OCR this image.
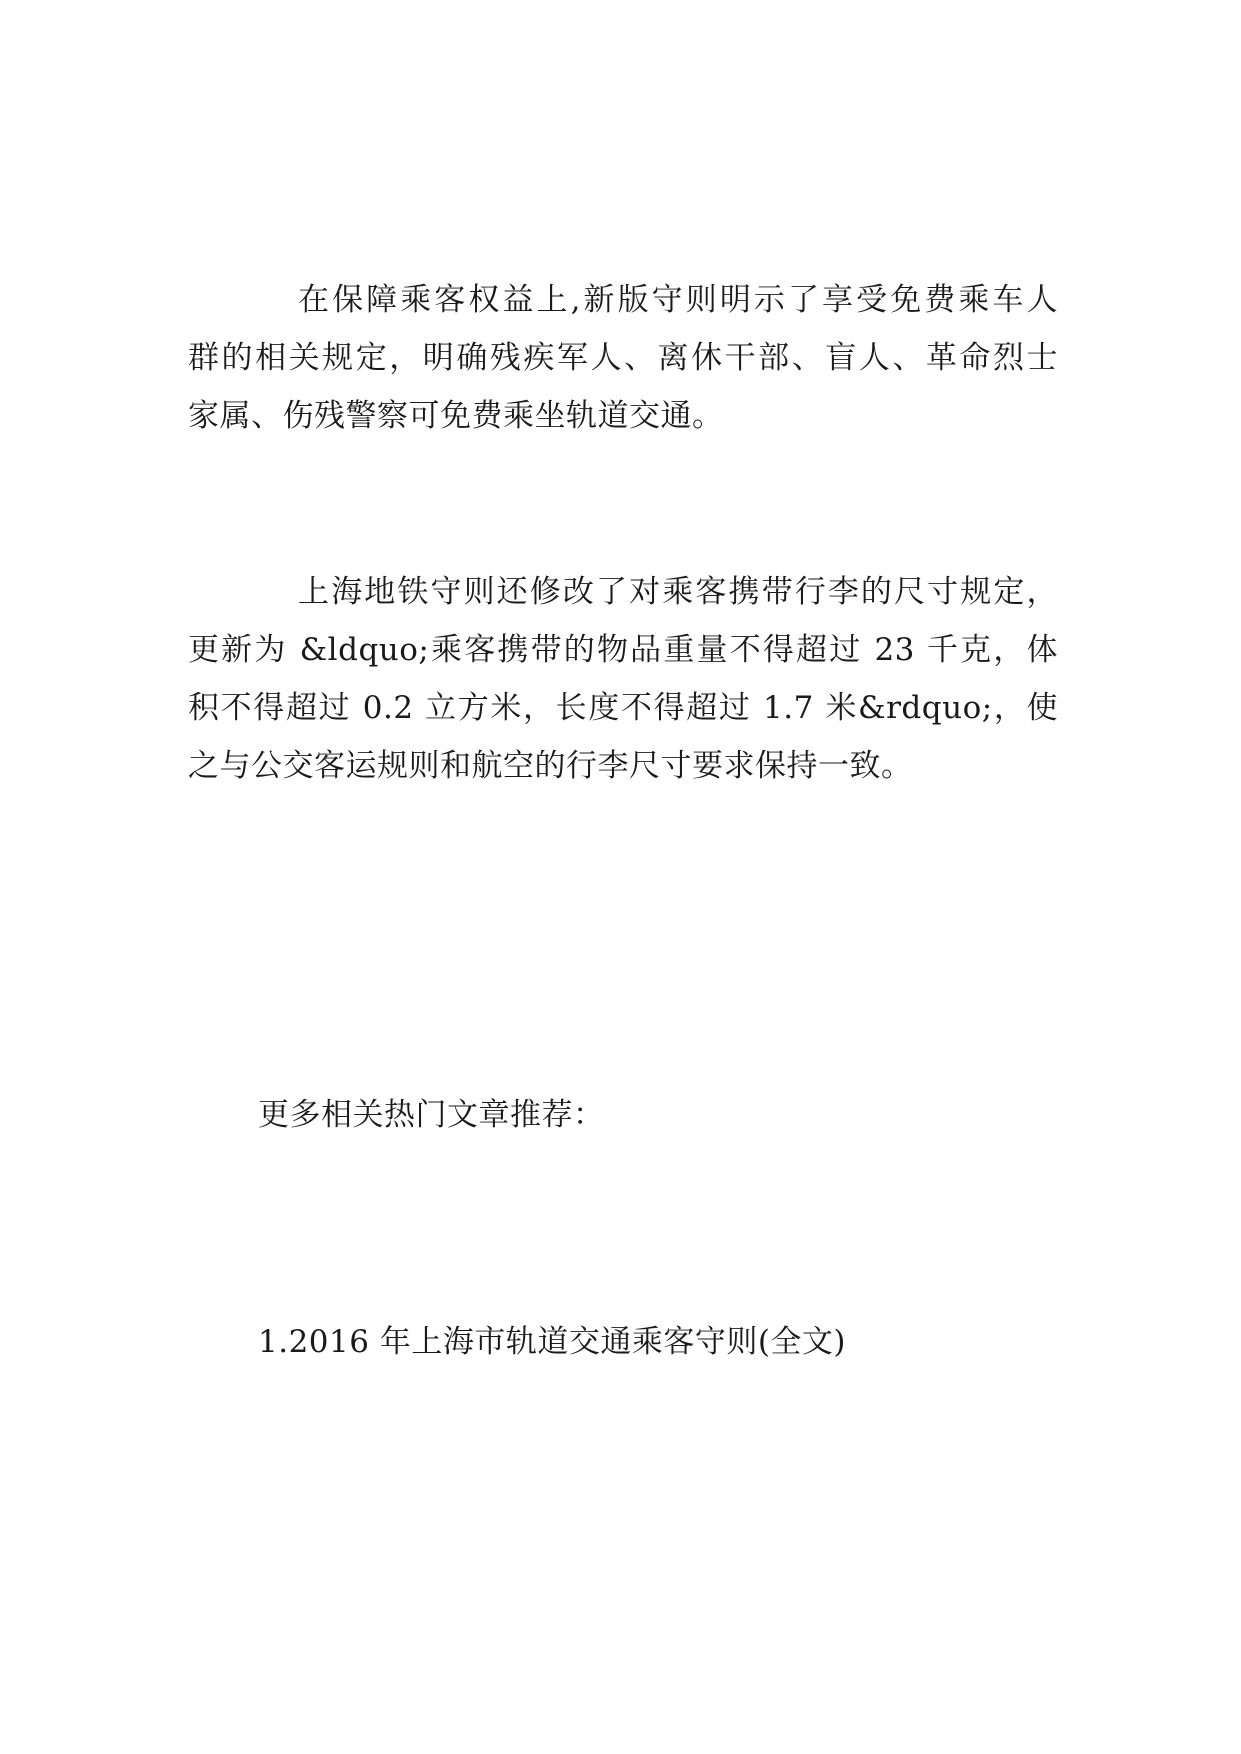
在保障乘客权益上,新版守则明示了享受免费乘车人
群的相关规定，明确残疾军人、离休干部、盲人、革命烈士
家属、伤残警察可免费乘坐轨道交通。
上海地铁守则还修改了对乘客携带行李的尺寸规定，
更新为 &ldquo;乘客携带的物品重量不得超过 23 千克，体
积不得超过 0.2 立方米，长度不得超过 1.7 米&rdquo;，使
之与公交客运规则和航空的行李尺寸要求保持一致。
更多相关热门文章推荐：
1.2016 年上海市轨道交通乘客守则(全文)
